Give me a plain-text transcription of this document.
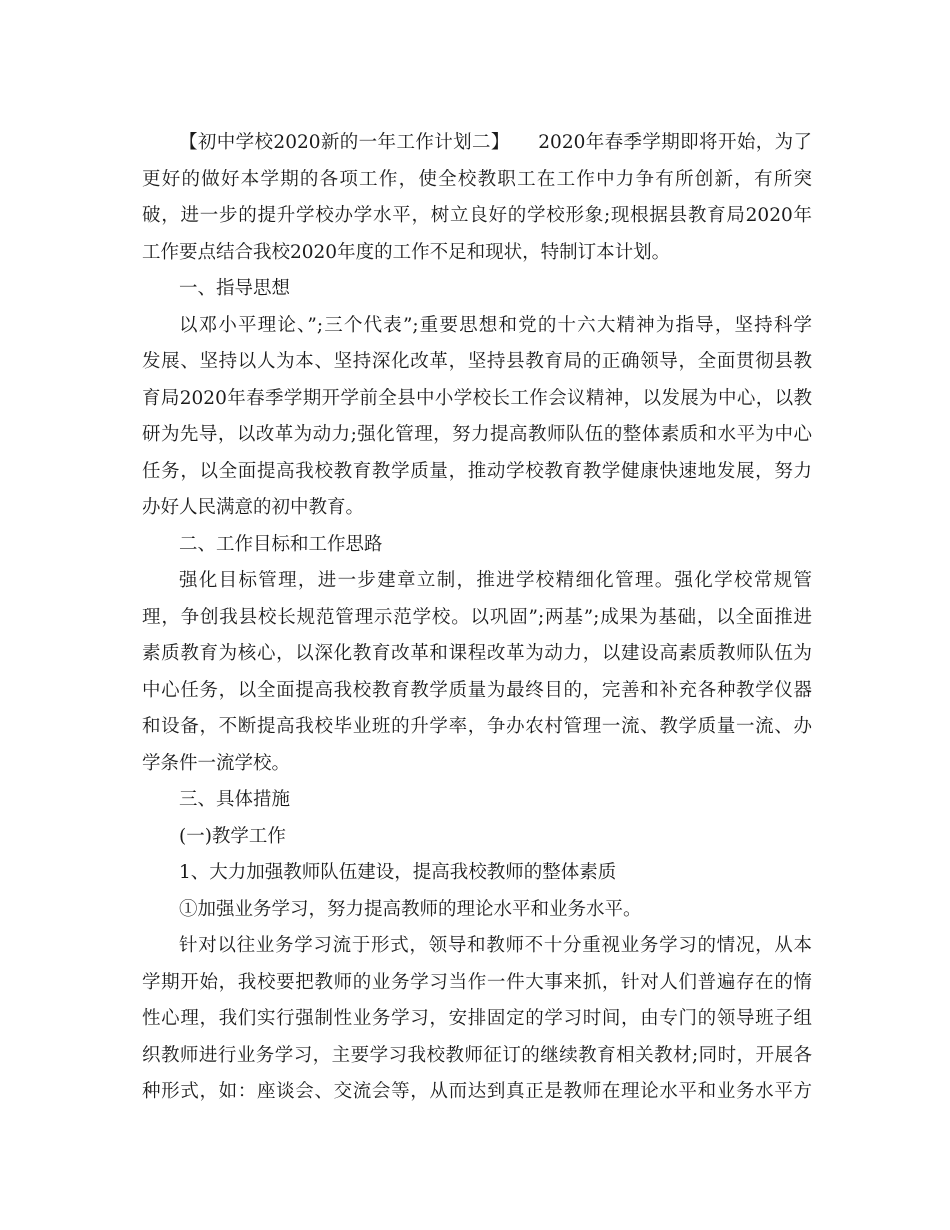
【初中学校2020新的一年工作计划二】　　2020年春季学期即将开始，为了
更好的做好本学期的各项工作，使全校教职工在工作中力争有所创新，有所突
破，进一步的提升学校办学水平，树立良好的学校形象;现根据县教育局2020年
工作要点结合我校2020年度的工作不足和现状，特制订本计划。
一、指导思想
以邓小平理论、”;三个代表”;重要思想和党的十六大精神为指导，坚持科学
发展、坚持以人为本、坚持深化改革，坚持县教育局的正确领导，全面贯彻县教
育局2020年春季学期开学前全县中小学校长工作会议精神，以发展为中心，以教
研为先导，以改革为动力;强化管理，努力提高教师队伍的整体素质和水平为中心
任务，以全面提高我校教育教学质量，推动学校教育教学健康快速地发展，努力
办好人民满意的初中教育。
二、工作目标和工作思路
强化目标管理，进一步建章立制，推进学校精细化管理。强化学校常规管
理，争创我县校长规范管理示范学校。以巩固”;两基”;成果为基础，以全面推进
素质教育为核心，以深化教育改革和课程改革为动力，以建设高素质教师队伍为
中心任务，以全面提高我校教育教学质量为最终目的，完善和补充各种教学仪器
和设备，不断提高我校毕业班的升学率，争办农村管理一流、教学质量一流、办
学条件一流学校。
三、具体措施
(一)教学工作
1、大力加强教师队伍建设，提高我校教师的整体素质
①加强业务学习，努力提高教师的理论水平和业务水平。
针对以往业务学习流于形式，领导和教师不十分重视业务学习的情况，从本
学期开始，我校要把教师的业务学习当作一件大事来抓，针对人们普遍存在的惰
性心理，我们实行强制性业务学习，安排固定的学习时间，由专门的领导班子组
织教师进行业务学习，主要学习我校教师征订的继续教育相关教材;同时，开展各
种形式，如：座谈会、交流会等，从而达到真正是教师在理论水平和业务水平方
